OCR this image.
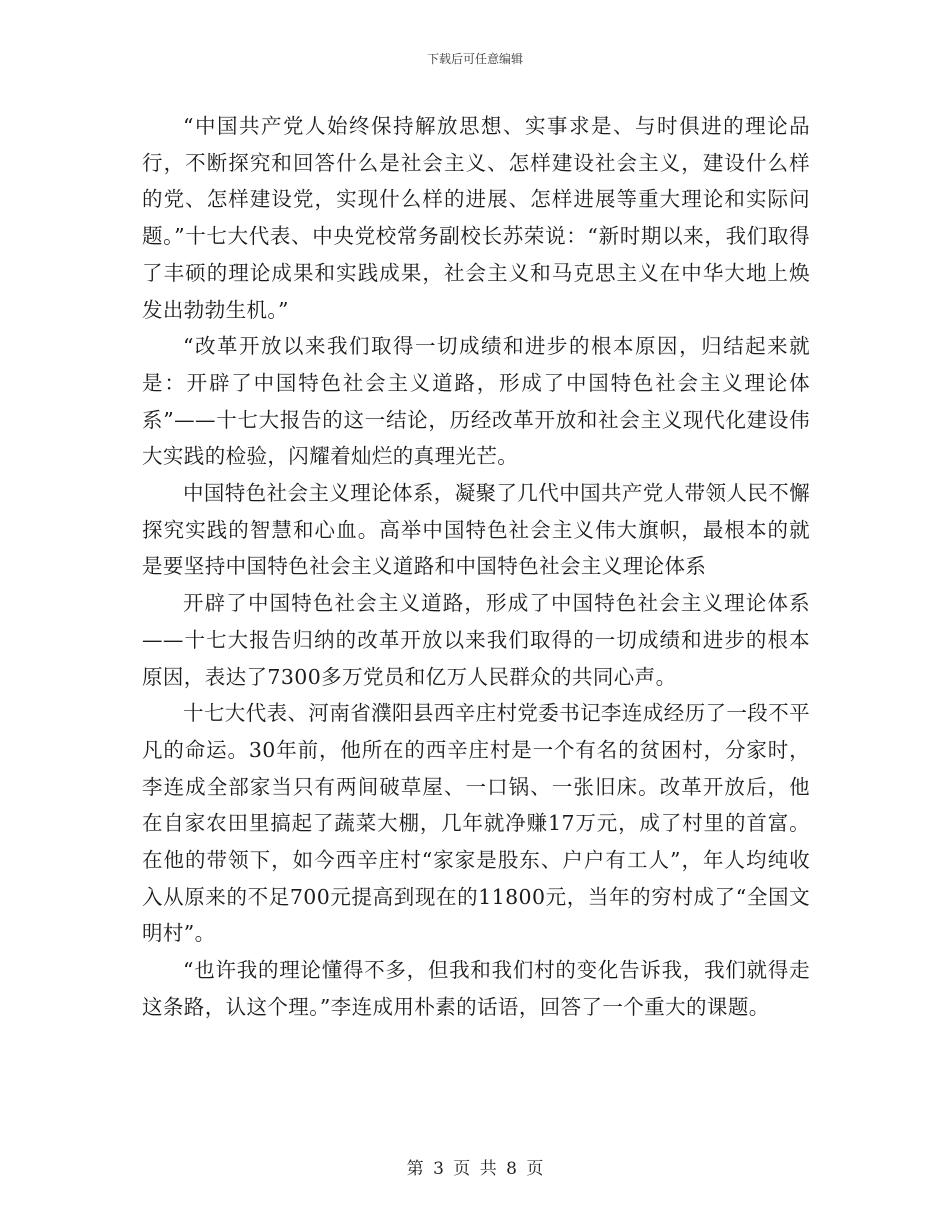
下载后可任意编辑

“中国共产党人始终保持解放思想、实事求是、与时俱进的理论品行，不断探究和回答什么是社会主义、怎样建设社会主义，建设什么样的党、怎样建设党，实现什么样的进展、怎样进展等重大理论和实际问题。”十七大代表、中央党校常务副校长苏荣说：“新时期以来，我们取得了丰硕的理论成果和实践成果，社会主义和马克思主义在中华大地上焕发出勃勃生机。”

“改革开放以来我们取得一切成绩和进步的根本原因，归结起来就是：开辟了中国特色社会主义道路，形成了中国特色社会主义理论体系”——十七大报告的这一结论，历经改革开放和社会主义现代化建设伟大实践的检验，闪耀着灿烂的真理光芒。

中国特色社会主义理论体系，凝聚了几代中国共产党人带领人民不懈探究实践的智慧和心血。高举中国特色社会主义伟大旗帜，最根本的就是要坚持中国特色社会主义道路和中国特色社会主义理论体系

开辟了中国特色社会主义道路，形成了中国特色社会主义理论体系——十七大报告归纳的改革开放以来我们取得的一切成绩和进步的根本原因，表达了7300多万党员和亿万人民群众的共同心声。

十七大代表、河南省濮阳县西辛庄村党委书记李连成经历了一段不平凡的命运。30年前，他所在的西辛庄村是一个有名的贫困村，分家时，李连成全部家当只有两间破草屋、一口锅、一张旧床。改革开放后，他在自家农田里搞起了蔬菜大棚，几年就净赚17万元，成了村里的首富。在他的带领下，如今西辛庄村“家家是股东、户户有工人”，年人均纯收入从原来的不足700元提高到现在的11800元，当年的穷村成了“全国文明村”。

“也许我的理论懂得不多，但我和我们村的变化告诉我，我们就得走这条路，认这个理。”李连成用朴素的话语，回答了一个重大的课题。

第 3 页 共 8 页
